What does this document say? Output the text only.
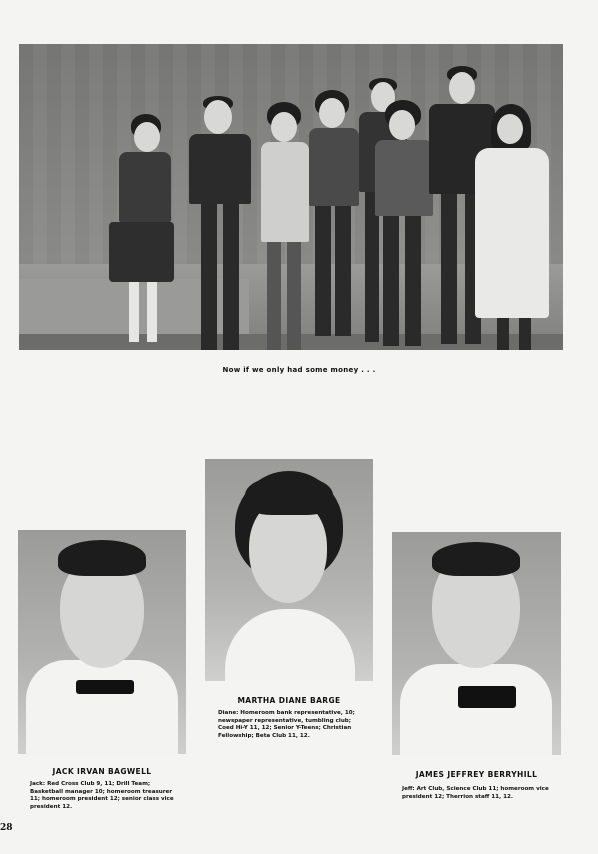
Now if we only had some money . . .
JACK IRVAN BAGWELL
Jack: Red Cross Club 9, 11; Drill Team; Basketball manager 10; homeroom treasurer 11; homeroom president 12; senior class vice president 12.
MARTHA DIANE BARGE
Diane: Homeroom bank representative, 10; newspaper representative, tumbling club; Coed Hi-Y 11, 12; Senior Y-Teens; Christian Fellowship; Beta Club 11, 12.
JAMES JEFFREY BERRYHILL
Jeff: Art Club, Science Club 11; homeroom vice president 12; Therrion staff 11, 12.
28
